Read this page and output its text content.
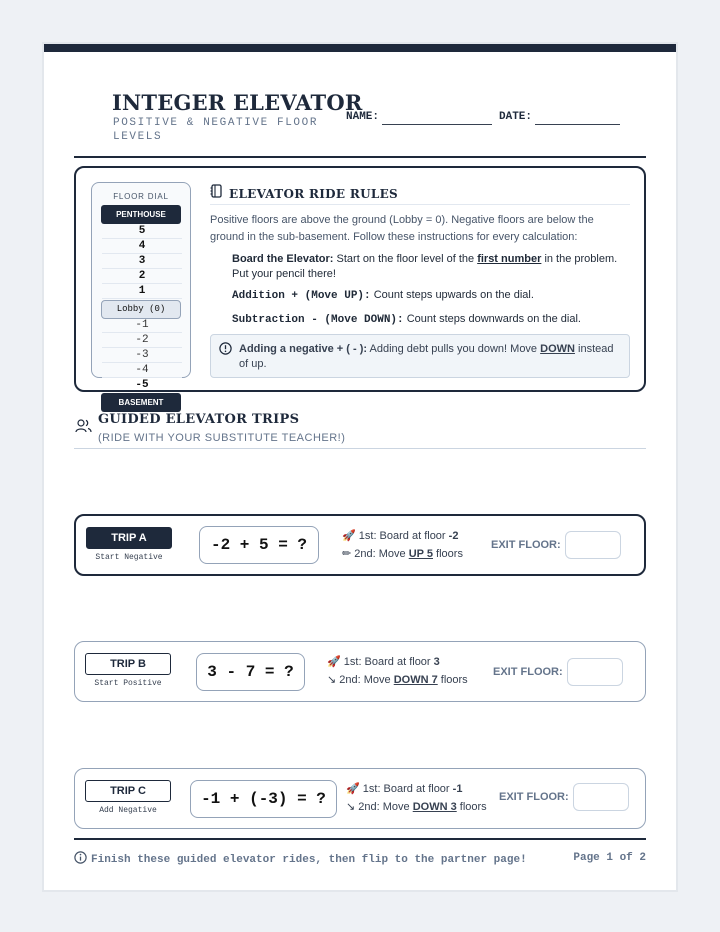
INTEGER ELEVATOR
POSITIVE & NEGATIVE FLOOR LEVELS
NAME:	DATE:
FLOOR DIAL
PENTHOUSE
5
4
3
2
1
Lobby (0)
-1
-2
-3
-4
-5
BASEMENT
ELEVATOR RIDE RULES
Positive floors are above the ground (Lobby = 0). Negative floors are below the ground in the sub-basement. Follow these instructions for every calculation:
Board the Elevator: Start on the floor level of the first number in the problem. Put your pencil there!
Addition + (Move UP): Count steps upwards on the dial.
Subtraction - (Move DOWN): Count steps downwards on the dial.
Adding a negative + ( - ): Adding debt pulls you down! Move DOWN instead of up.
GUIDED ELEVATOR TRIPS
(RIDE WITH YOUR SUBSTITUTE TEACHER!)
TRIP A
Start Negative
-2 + 5 = ?	🚀 1st: Board at floor -2
✏ 2nd: Move UP 5 floors
EXIT FLOOR:
TRIP B
Start Positive
3 - 7 = ?
🚀 1st: Board at floor 3
↘ 2nd: Move DOWN 7 floors
EXIT FLOOR:
TRIP C
Add Negative
-1 + (-3) = ?
🚀 1st: Board at floor -1
↘ 2nd: Move DOWN 3 floors
EXIT FLOOR:
Finish these guided elevator rides, then flip to the partner page!	Page 1 of 2
